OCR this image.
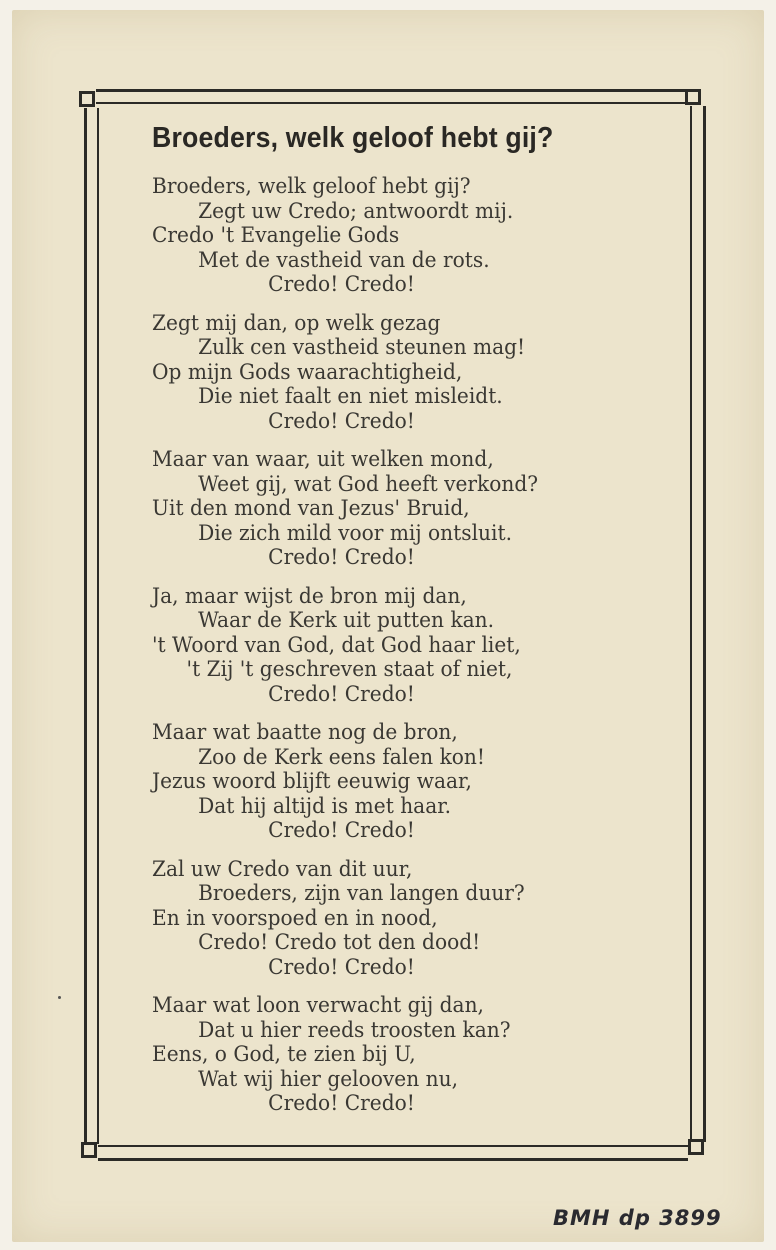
Broeders, welk geloof hebt gij?
Broeders, welk geloof hebt gij?
Zegt uw Credo; antwoordt mij.
Credo 't Evangelie Gods
Met de vastheid van de rots.
Credo! Credo!
Zegt mij dan, op welk gezag
Zulk cen vastheid steunen mag!
Op mijn Gods waarachtigheid,
Die niet faalt en niet misleidt.
Credo! Credo!
Maar van waar, uit welken mond,
Weet gij, wat God heeft verkond?
Uit den mond van Jezus' Bruid,
Die zich mild voor mij ontsluit.
Credo! Credo!
Ja, maar wijst de bron mij dan,
Waar de Kerk uit putten kan.
't Woord van God, dat God haar liet,
't Zij 't geschreven staat of niet,
Credo! Credo!
Maar wat baatte nog de bron,
Zoo de Kerk eens falen kon!
Jezus woord blijft eeuwig waar,
Dat hij altijd is met haar.
Credo! Credo!
Zal uw Credo van dit uur,
Broeders, zijn van langen duur?
En in voorspoed en in nood,
Credo! Credo tot den dood!
Credo! Credo!
Maar wat loon verwacht gij dan,
Dat u hier reeds troosten kan?
Eens, o God, te zien bij U,
Wat wij hier gelooven nu,
Credo! Credo!
BMH dp 3899
